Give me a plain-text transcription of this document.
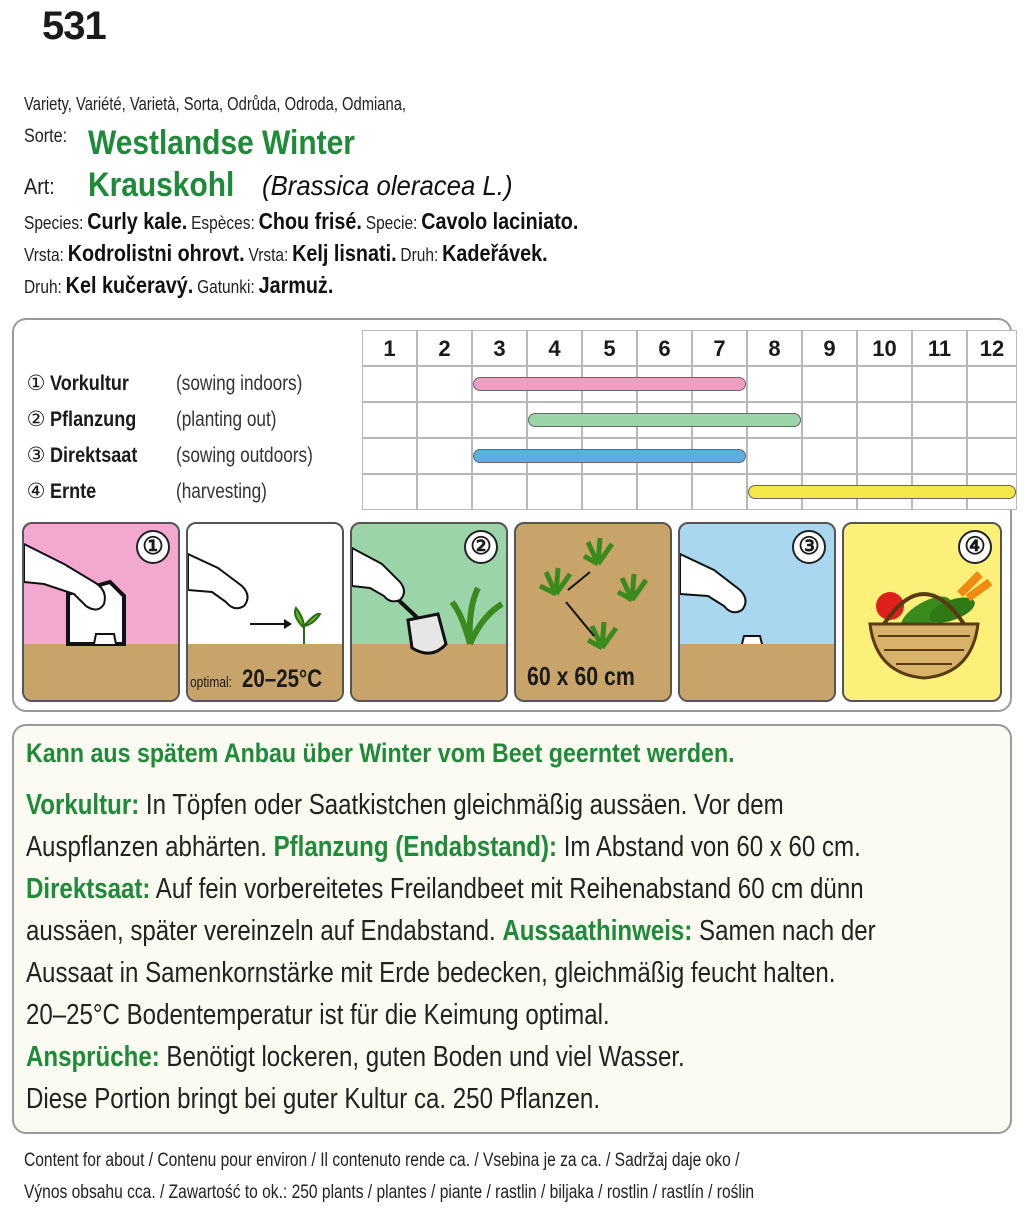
531
Variety, Variété, Varietà, Sorta, Odrůda, Odroda, Odmiana,
Sorte: Westlandse Winter
Art: Krauskohl (Brassica oleracea L.)
Species: Curly kale. Espèces: Chou frisé. Specie: Cavolo laciniato.
Vrsta: Kodrolistni ohrovt. Vrsta: Kelj lisnati. Druh: Kadeřávek.
Druh: Kel kučeravý. Gatunki: Jarmuż.
1	2	3	4	5	6	7	8	9	10	11	12
① Vorkultur (sowing indoors)
② Pflanzung (planting out)
③ Direktsaat (sowing outdoors)
④ Ernte	(harvesting)
①
optimal: 20–25°C
②
60 x 60 cm
③	④
Kann aus spätem Anbau über Winter vom Beet geerntet werden.
Vorkultur: In Töpfen oder Saatkistchen gleichmäßig aussäen. Vor dem
Auspflanzen abhärten. Pflanzung (Endabstand): Im Abstand von 60 x 60 cm.
Direktsaat: Auf fein vorbereitetes Freilandbeet mit Reihenabstand 60 cm dünn
aussäen, später vereinzeln auf Endabstand. Aussaathinweis: Samen nach der
Aussaat in Samenkornstärke mit Erde bedecken, gleichmäßig feucht halten.
20–25°C Bodentemperatur ist für die Keimung optimal.
Ansprüche: Benötigt lockeren, guten Boden und viel Wasser.
Diese Portion bringt bei guter Kultur ca. 250 Pflanzen.
Content for about / Contenu pour environ / Il contenuto rende ca. / Vsebina je za ca. / Sadržaj daje oko /
Výnos obsahu cca. / Zawartość to ok.: 250 plants / plantes / piante / rastlin / biljaka / rostlin / rastlín / roślin
